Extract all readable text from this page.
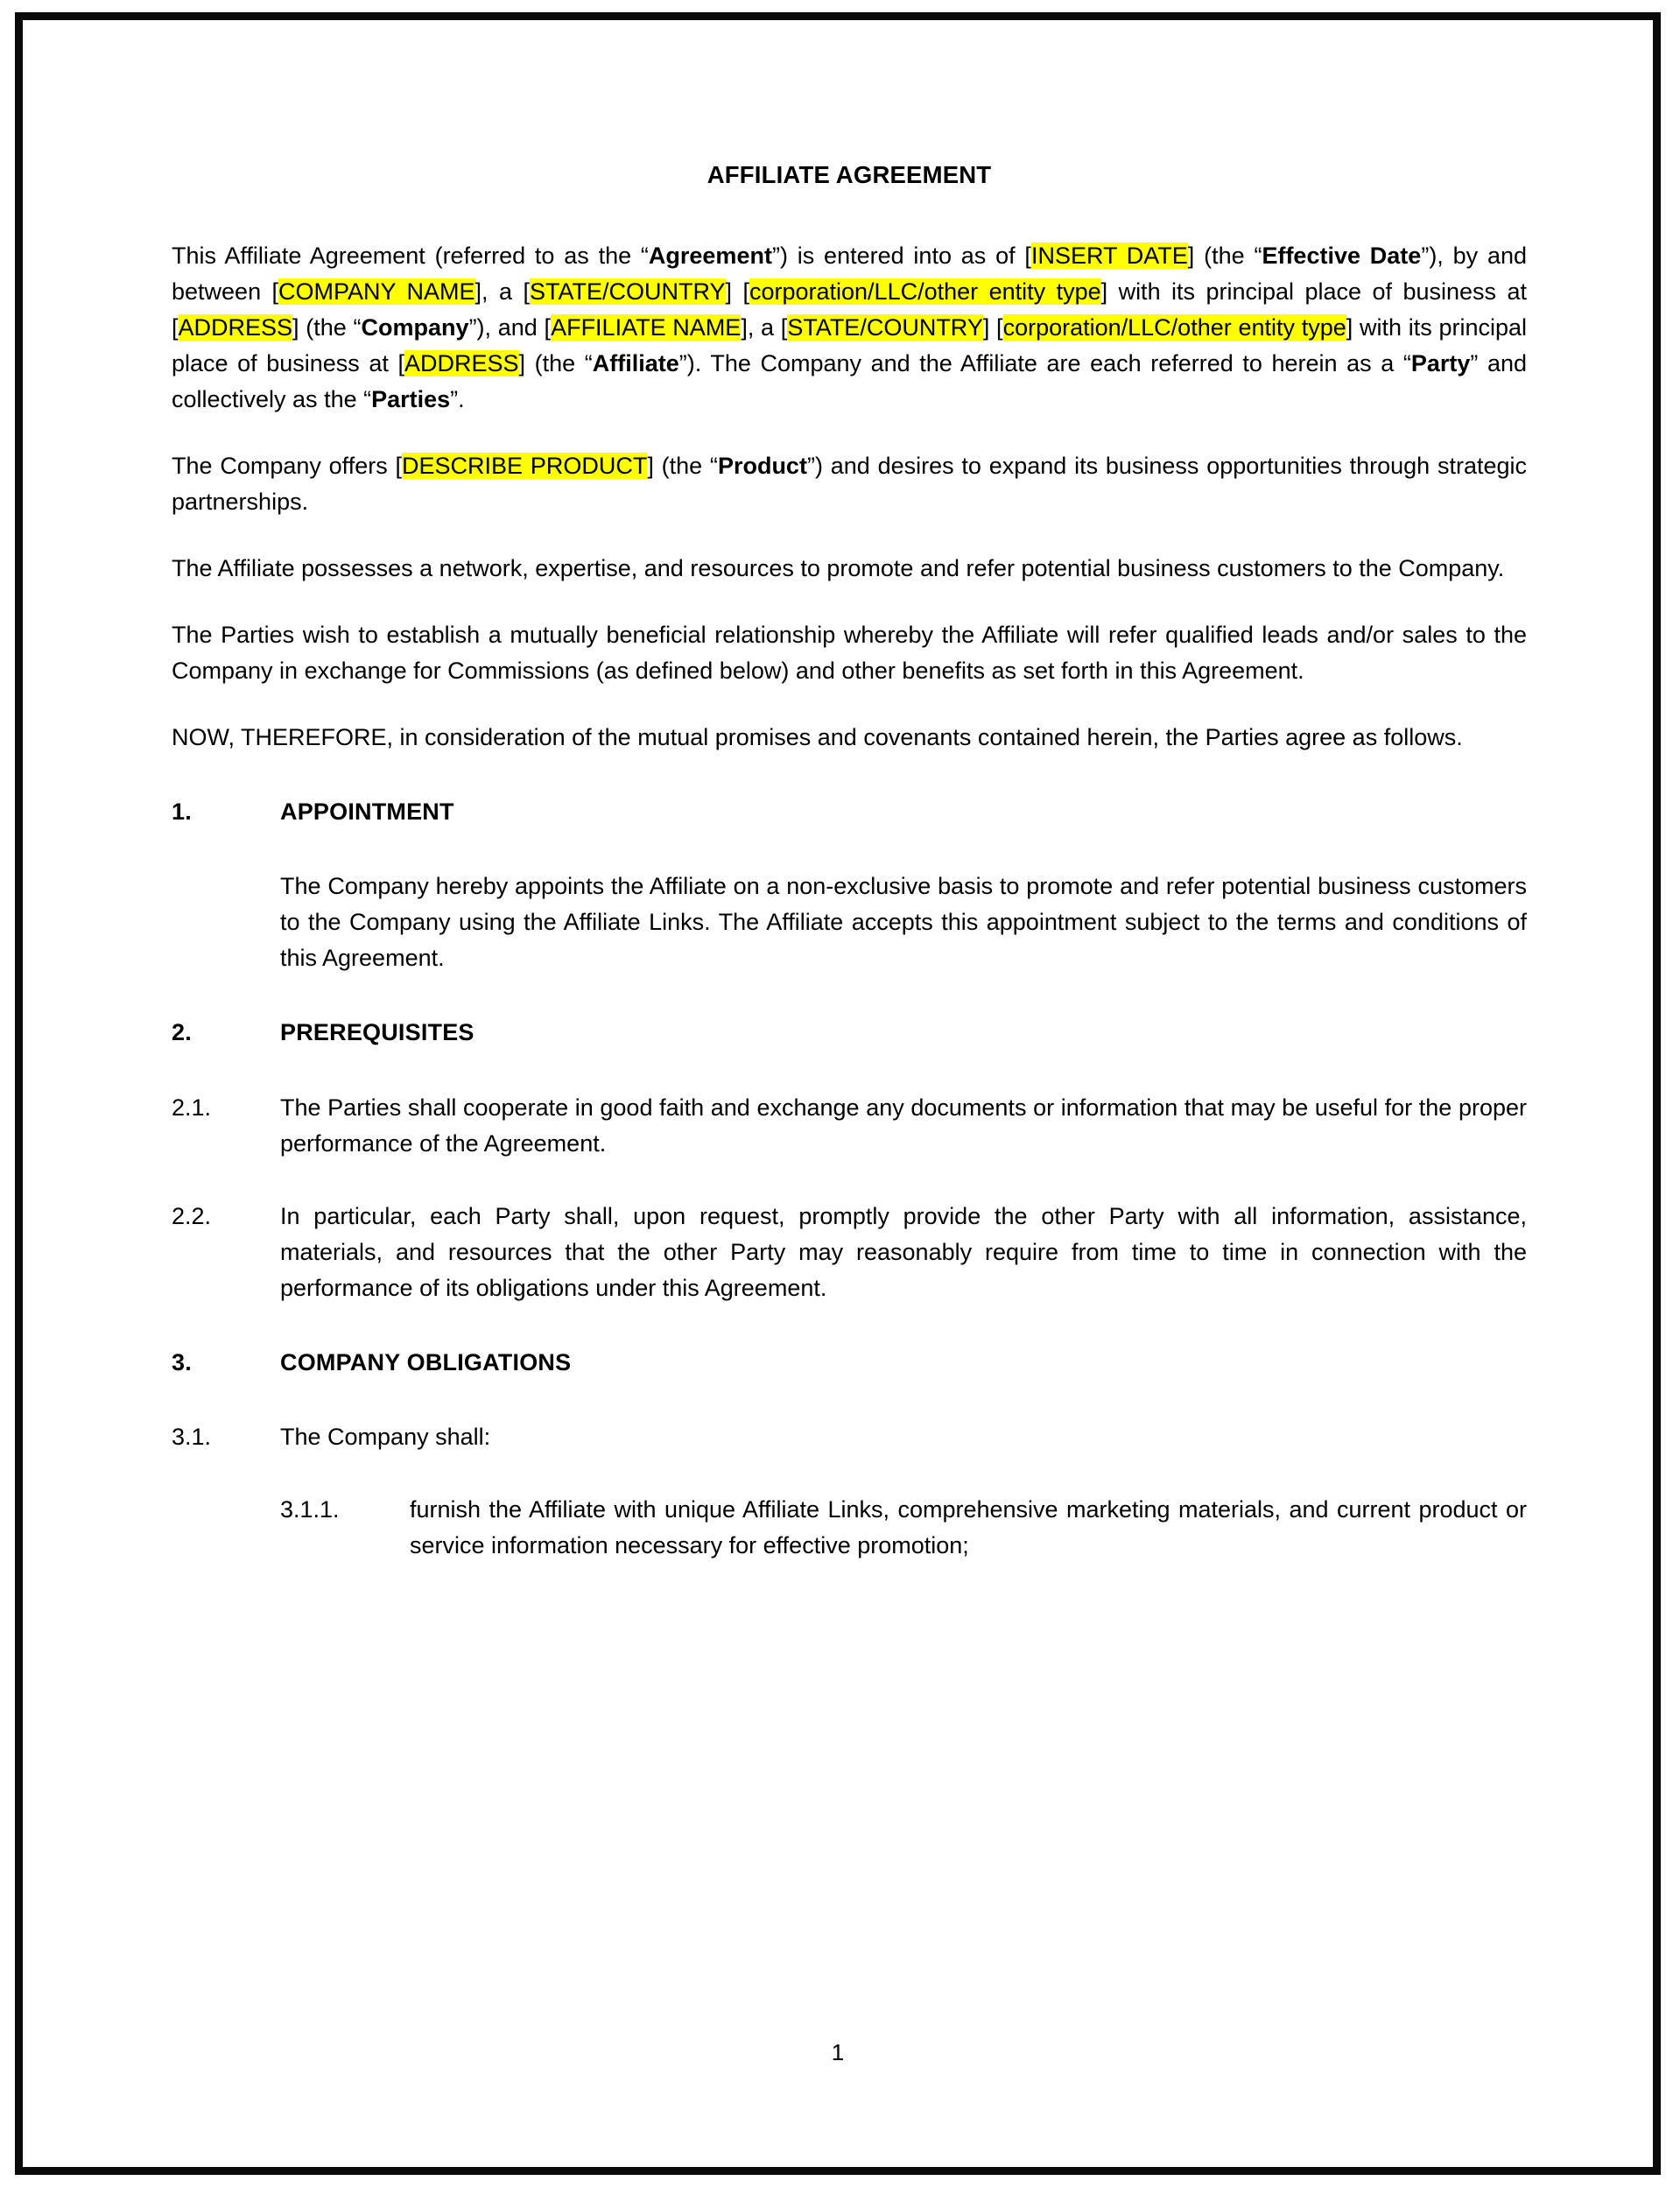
AFFILIATE AGREEMENT

This Affiliate Agreement (referred to as the “Agreement”) is entered into as of [INSERT DATE] (the “Effective Date”), by and between [COMPANY NAME], a [STATE/COUNTRY] [corporation/LLC/other entity type] with its principal place of business at [ADDRESS] (the “Company”), and [AFFILIATE NAME], a [STATE/COUNTRY] [corporation/LLC/other entity type] with its principal place of business at [ADDRESS] (the “Affiliate”). The Company and the Affiliate are each referred to herein as a “Party” and collectively as the “Parties”.

The Company offers [DESCRIBE PRODUCT] (the “Product”) and desires to expand its business opportunities through strategic partnerships.

The Affiliate possesses a network, expertise, and resources to promote and refer potential business customers to the Company.

The Parties wish to establish a mutually beneficial relationship whereby the Affiliate will refer qualified leads and/or sales to the Company in exchange for Commissions (as defined below) and other benefits as set forth in this Agreement.

NOW, THEREFORE, in consideration of the mutual promises and covenants contained herein, the Parties agree as follows.

1.	APPOINTMENT
The Company hereby appoints the Affiliate on a non-exclusive basis to promote and refer potential business customers to the Company using the Affiliate Links. The Affiliate accepts this appointment subject to the terms and conditions of this Agreement.
2.	PREREQUISITES
2.1.	The Parties shall cooperate in good faith and exchange any documents or information that may be useful for the proper performance of the Agreement.
2.2.	In particular, each Party shall, upon request, promptly provide the other Party with all information, assistance, materials, and resources that the other Party may reasonably require from time to time in connection with the performance of its obligations under this Agreement.
3.	COMPANY OBLIGATIONS
3.1.	The Company shall:
3.1.1.	furnish the Affiliate with unique Affiliate Links, comprehensive marketing materials, and current product or service information necessary for effective promotion;
1
